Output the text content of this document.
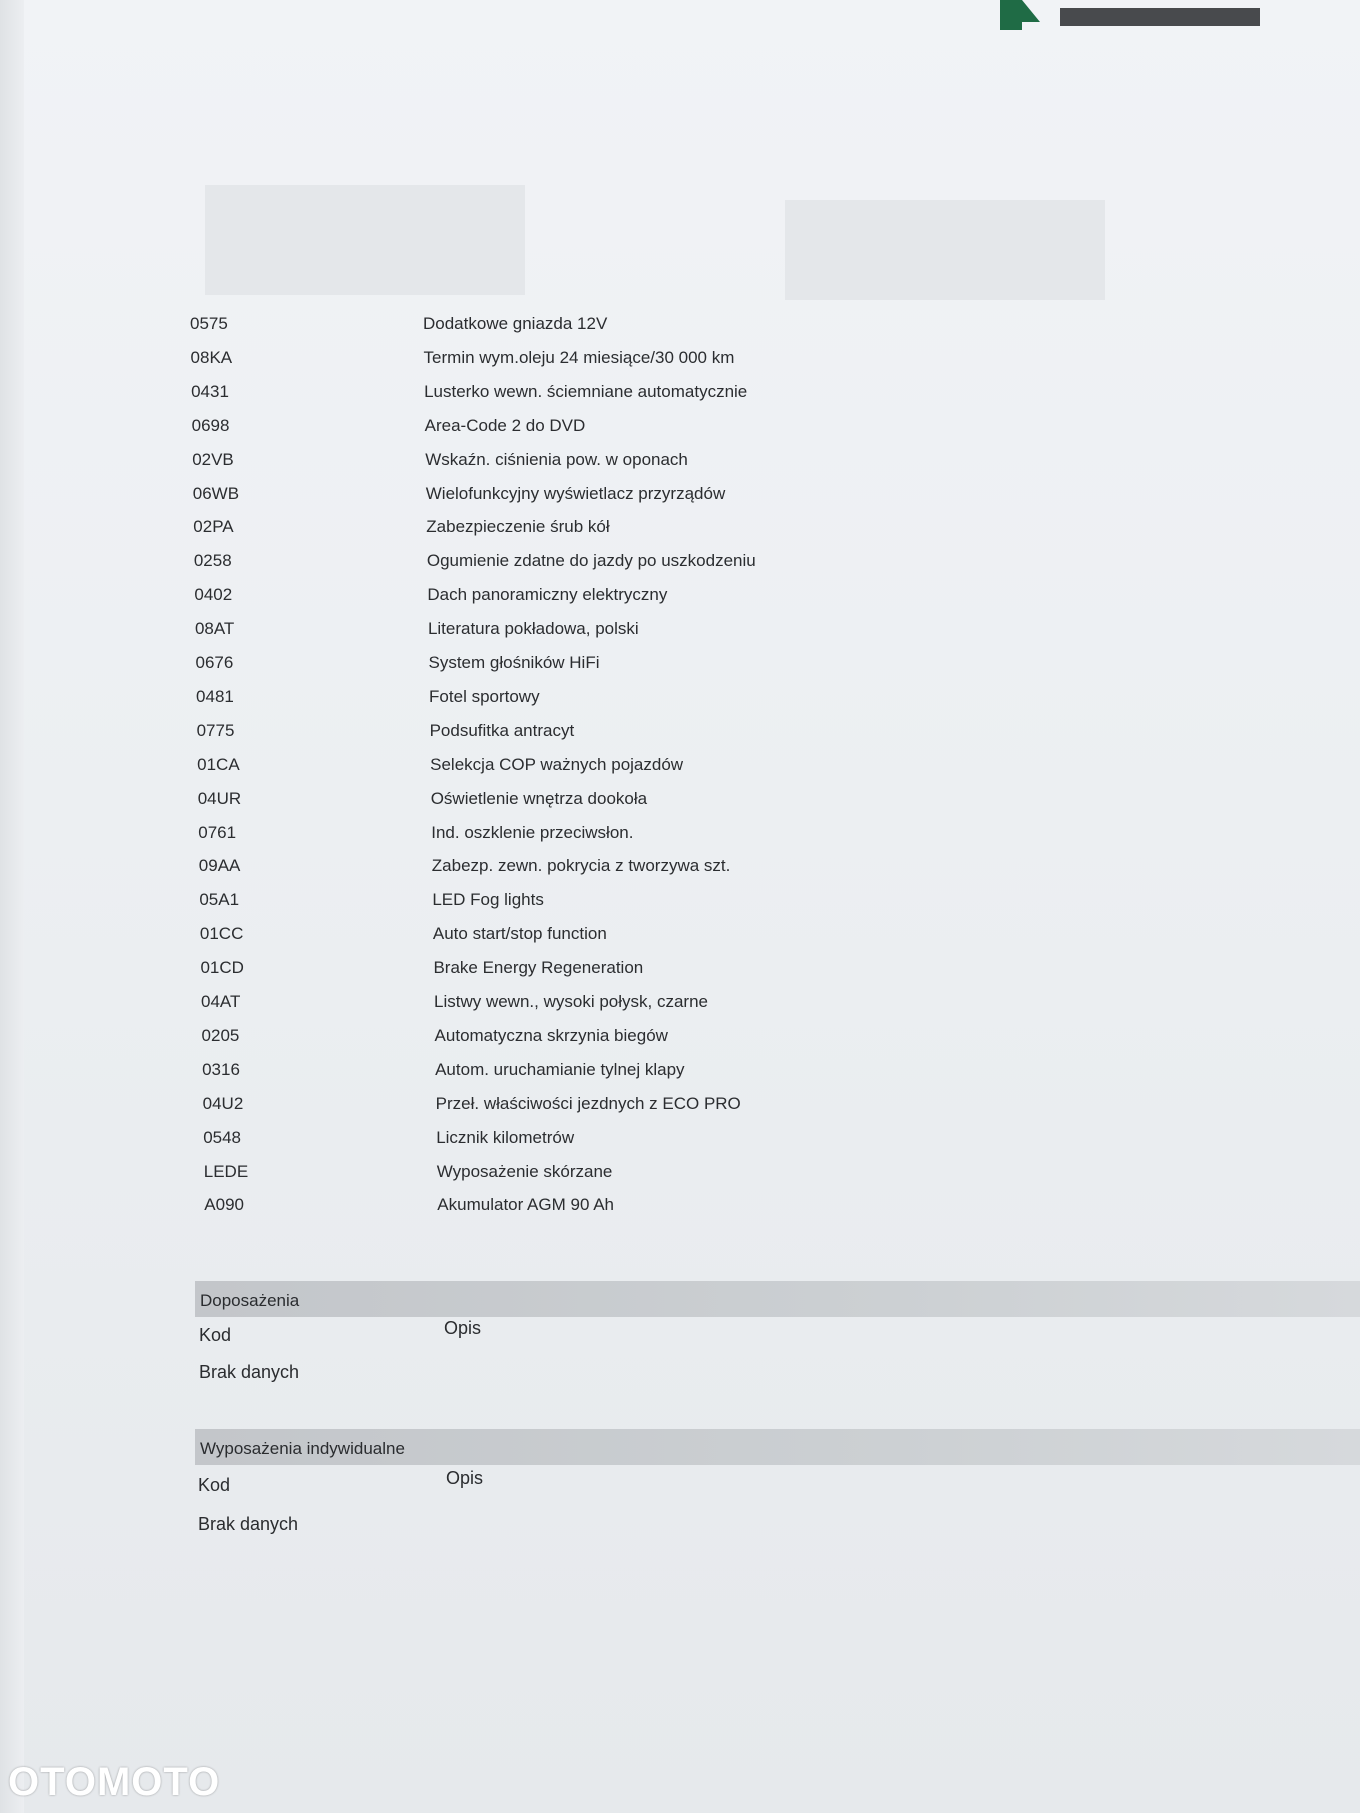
0575	Dodatkowe gniazda 12V
08KA	Termin wym.oleju 24 miesiące/30 000 km
0431	Lusterko wewn. ściemniane automatycznie
0698	Area-Code 2 do DVD
02VB	Wskaźn. ciśnienia pow. w oponach
06WB	Wielofunkcyjny wyświetlacz przyrządów
02PA	Zabezpieczenie śrub kół
0258	Ogumienie zdatne do jazdy po uszkodzeniu
0402	Dach panoramiczny elektryczny
08AT	Literatura pokładowa, polski
0676	System głośników HiFi
0481	Fotel sportowy
0775	Podsufitka antracyt
01CA	Selekcja COP ważnych pojazdów
04UR	Oświetlenie wnętrza dookoła
0761	Ind. oszklenie przeciwsłon.
09AA	Zabezp. zewn. pokrycia z tworzywa szt.
05A1	LED Fog lights
01CC	Auto start/stop function
01CD	Brake Energy Regeneration
04AT	Listwy wewn., wysoki połysk, czarne
0205	Automatyczna skrzynia biegów
0316	Autom. uruchamianie tylnej klapy
04U2	Przeł. właściwości jezdnych z ECO PRO
0548	Licznik kilometrów
LEDE	Wyposażenie skórzane
A090	Akumulator AGM 90 Ah
Doposażenia
Kod	Opis
Brak danych
Wyposażenia indywidualne
Kod	Opis
Brak danych
OTOMOTO
